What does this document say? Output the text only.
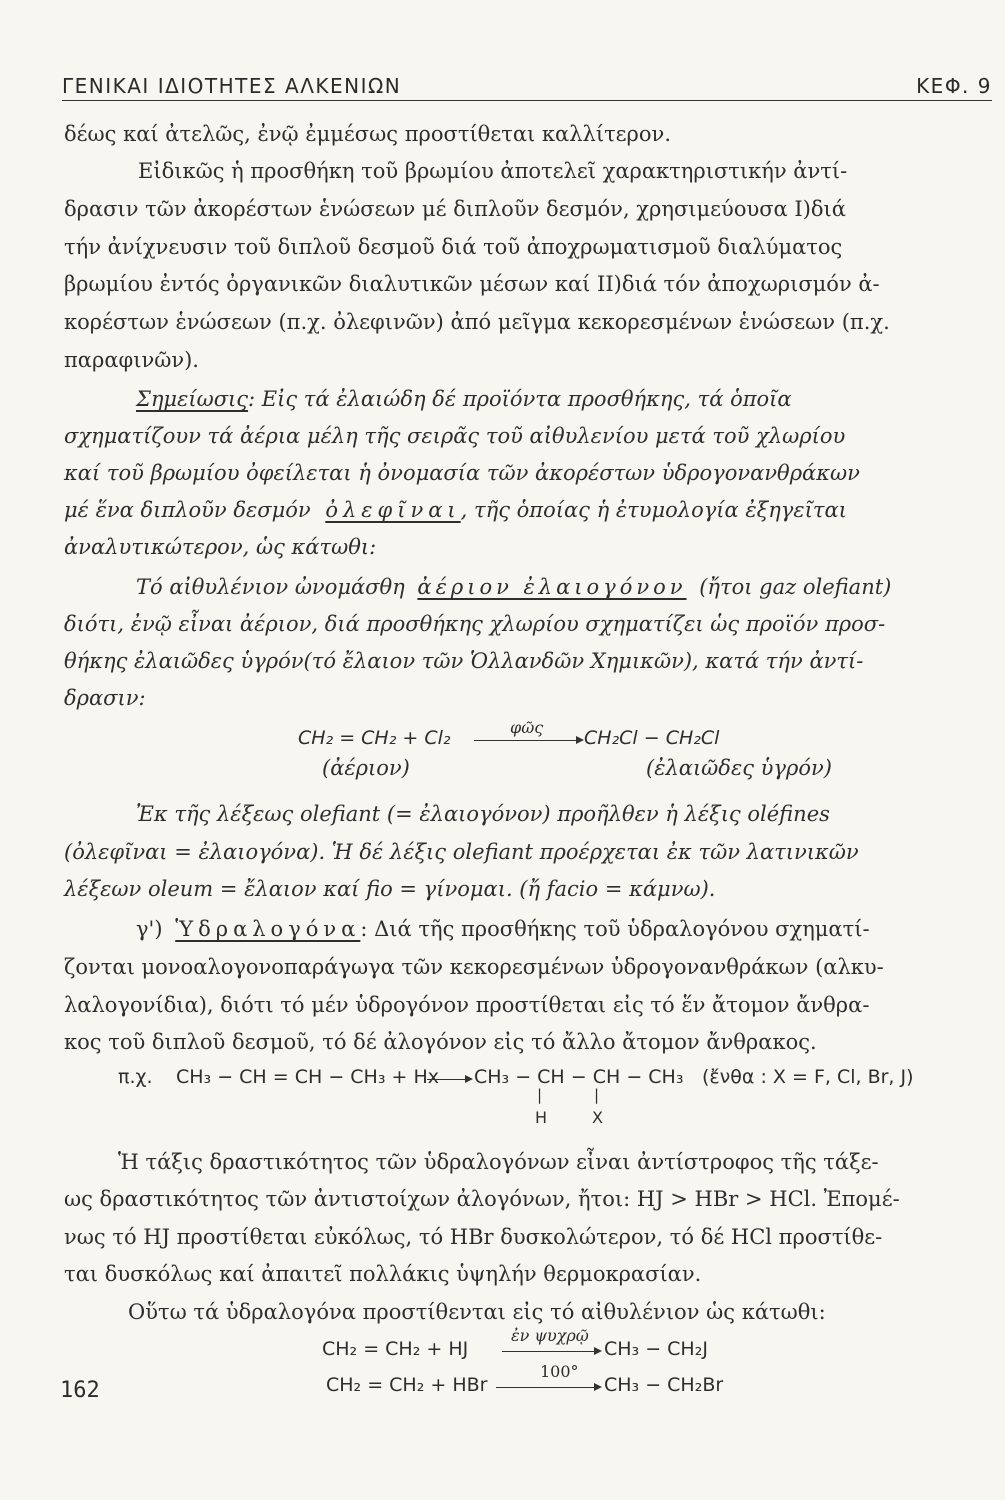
ΓΕΝΙΚΑΙ ΙΔΙΟΤΗΤΕΣ ΑΛΚΕΝΙΩΝ	ΚΕΦ. 9
δέως καί ἀτελῶς, ἐνῷ ἐμμέσως προστίθεται καλλίτερον.
Εἰδικῶς ἡ προσθήκη τοῦ βρωμίου ἀποτελεῖ χαρακτηριστικήν ἀντί-
δρασιν τῶν ἀκορέστων ἑνώσεων μέ διπλοῦν δεσμόν, χρησιμεύουσα Ι)διά
τήν ἀνίχνευσιν τοῦ διπλοῦ δεσμοῦ διά τοῦ ἀποχρωματισμοῦ διαλύματος
βρωμίου ἐντός ὀργανικῶν διαλυτικῶν μέσων καί ΙΙ)διά τόν ἀποχωρισμόν ἀ-
κορέστων ἑνώσεων (π.χ. ὀλεφινῶν) ἀπό μεῖγμα κεκορεσμένων ἑνώσεων (π.χ.
παραφινῶν).
Σημείωσις: Εἰς τά ἐλαιώδη δέ προϊόντα προσθήκης, τά ὁποῖα
σχηματίζουν τά ἀέρια μέλη τῆς σειρᾶς τοῦ αἰθυλενίου μετά τοῦ χλωρίου
καί τοῦ βρωμίου ὀφείλεται ἡ ὀνομασία τῶν ἀκορέστων ὑδρογονανθράκων
μέ ἕνα διπλοῦν δεσμόν ὀλεφῖναι, τῆς ὁποίας ἡ ἐτυμολογία ἐξηγεῖται
ἀναλυτικώτερον, ὡς κάτωθι:
Τό αἰθυλένιον ὠνομάσθη ἀέριον ἐλαιογόνον (ἤτοι gaz olefiant)
διότι, ἐνῷ εἶναι ἀέριον, διά προσθήκης χλωρίου σχηματίζει ὡς προϊόν προσ-
θήκης ἐλαιῶδες ὑγρόν(τό ἔλαιον τῶν Ὁλλανδῶν Χημικῶν), κατά τήν ἀντί-
δρασιν:
CH₂ = CH₂ + Cl₂	φῶς CH₂Cl − CH₂Cl
(ἀέριον)	(ἐλαιῶδες ὑγρόν)
Ἐκ τῆς λέξεως olefiant (= ἐλαιογόνον) προῆλθεν ἡ λέξις oléfines
(ὀλεφῖναι = ἐλαιογόνα). Ἡ δέ λέξις olefiant προέρχεται ἐκ τῶν λατινικῶν
λέξεων oleum = ἔλαιον καί fio = γίνομαι. (ἤ facio = κάμνω).
γ') Ὑδραλογόνα: Διά τῆς προσθήκης τοῦ ὑδραλογόνου σχηματί-
ζονται μονοαλογονοπαράγωγα τῶν κεκορεσμένων ὑδρογονανθράκων (αλκυ-
λαλογονίδια), διότι τό μέν ὑδρογόνον προστίθεται εἰς τό ἕν ἄτομον ἄνθρα-
κος τοῦ διπλοῦ δεσμοῦ, τό δέ ἀλογόνον εἰς τό ἄλλο ἄτομον ἄνθρακος.
π.χ. CH₃ − CH = CH − CH₃ + Hx → CH₃ − CH − CH − CH₃ (ἔνθα : X = F, Cl, Br, J)
|	|
H	X
Ἡ τάξις δραστικότητος τῶν ὑδραλογόνων εἶναι ἀντίστροφος τῆς τάξε-
ως δραστικότητος τῶν ἀντιστοίχων ἀλογόνων, ἤτοι: HJ > HBr > HCl. Ἐπομέ-
νως τό HJ προστίθεται εὐκόλως, τό HBr δυσκολώτερον, τό δέ HCl προστίθε-
ται δυσκόλως καί ἀπαιτεῖ πολλάκις ὑψηλήν θερμοκρασίαν.
Οὕτω τά ὑδραλογόνα προστίθενται εἰς τό αἰθυλένιον ὡς κάτωθι:
CH₂ = CH₂ + HJ
ἐν ψυχρῷ
CH₃ − CH₂J
CH₂ = CH₂ + HBr
100°
CH₃ − CH₂Br
162
